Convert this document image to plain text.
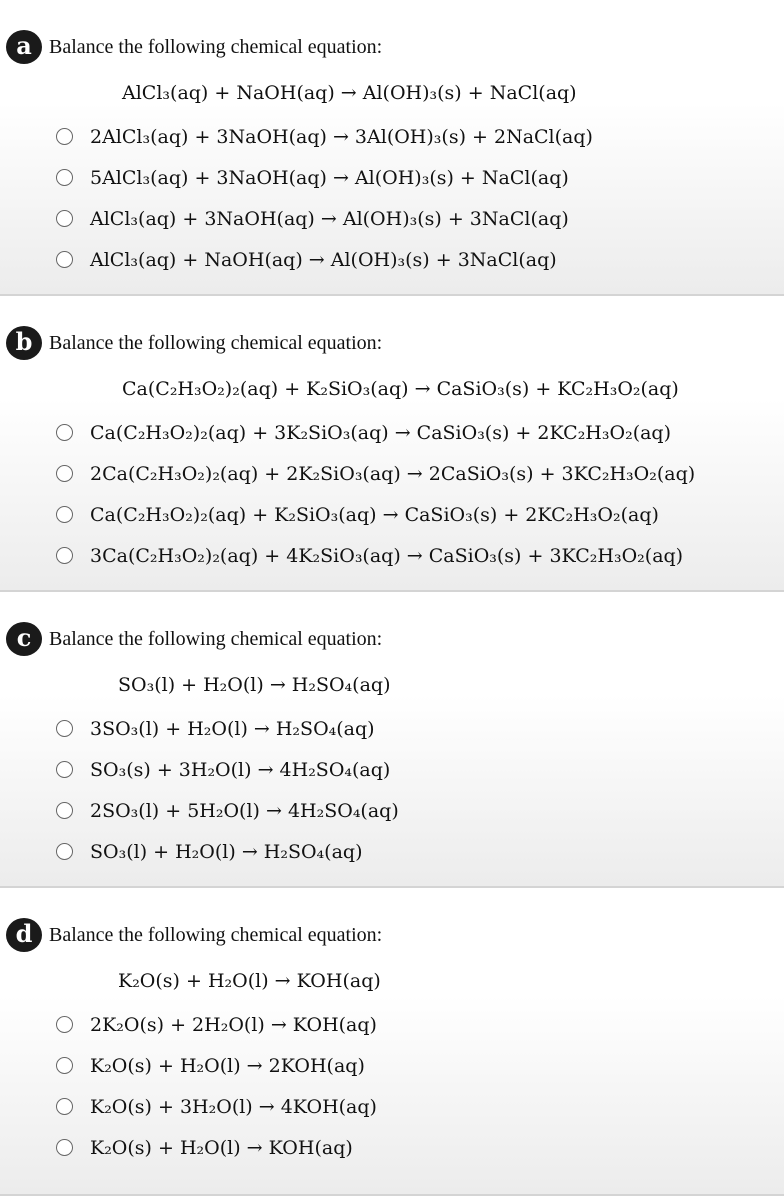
a Balance the following chemical equation:
AlCl₃(aq) + NaOH(aq) → Al(OH)₃(s) + NaCl(aq)
2AlCl₃(aq) + 3NaOH(aq) → 3Al(OH)₃(s) + 2NaCl(aq)
5AlCl₃(aq) + 3NaOH(aq) → Al(OH)₃(s) + NaCl(aq)
AlCl₃(aq) + 3NaOH(aq) → Al(OH)₃(s) + 3NaCl(aq)
AlCl₃(aq) + NaOH(aq) → Al(OH)₃(s) + 3NaCl(aq)
b Balance the following chemical equation:
Ca(C₂H₃O₂)₂(aq) + K₂SiO₃(aq) → CaSiO₃(s) + KC₂H₃O₂(aq)
Ca(C₂H₃O₂)₂(aq) + 3K₂SiO₃(aq) → CaSiO₃(s) + 2KC₂H₃O₂(aq)
2Ca(C₂H₃O₂)₂(aq) + 2K₂SiO₃(aq) → 2CaSiO₃(s) + 3KC₂H₃O₂(aq)
Ca(C₂H₃O₂)₂(aq) + K₂SiO₃(aq) → CaSiO₃(s) + 2KC₂H₃O₂(aq)
3Ca(C₂H₃O₂)₂(aq) + 4K₂SiO₃(aq) → CaSiO₃(s) + 3KC₂H₃O₂(aq)
c Balance the following chemical equation:
SO₃(l) + H₂O(l) → H₂SO₄(aq)
3SO₃(l) + H₂O(l) → H₂SO₄(aq)
SO₃(s) + 3H₂O(l) → 4H₂SO₄(aq)
2SO₃(l) + 5H₂O(l) → 4H₂SO₄(aq)
SO₃(l) + H₂O(l) → H₂SO₄(aq)
d Balance the following chemical equation:
K₂O(s) + H₂O(l) → KOH(aq)
2K₂O(s) + 2H₂O(l) → KOH(aq)
K₂O(s) + H₂O(l) → 2KOH(aq)
K₂O(s) + 3H₂O(l) → 4KOH(aq)
K₂O(s) + H₂O(l) → KOH(aq)
